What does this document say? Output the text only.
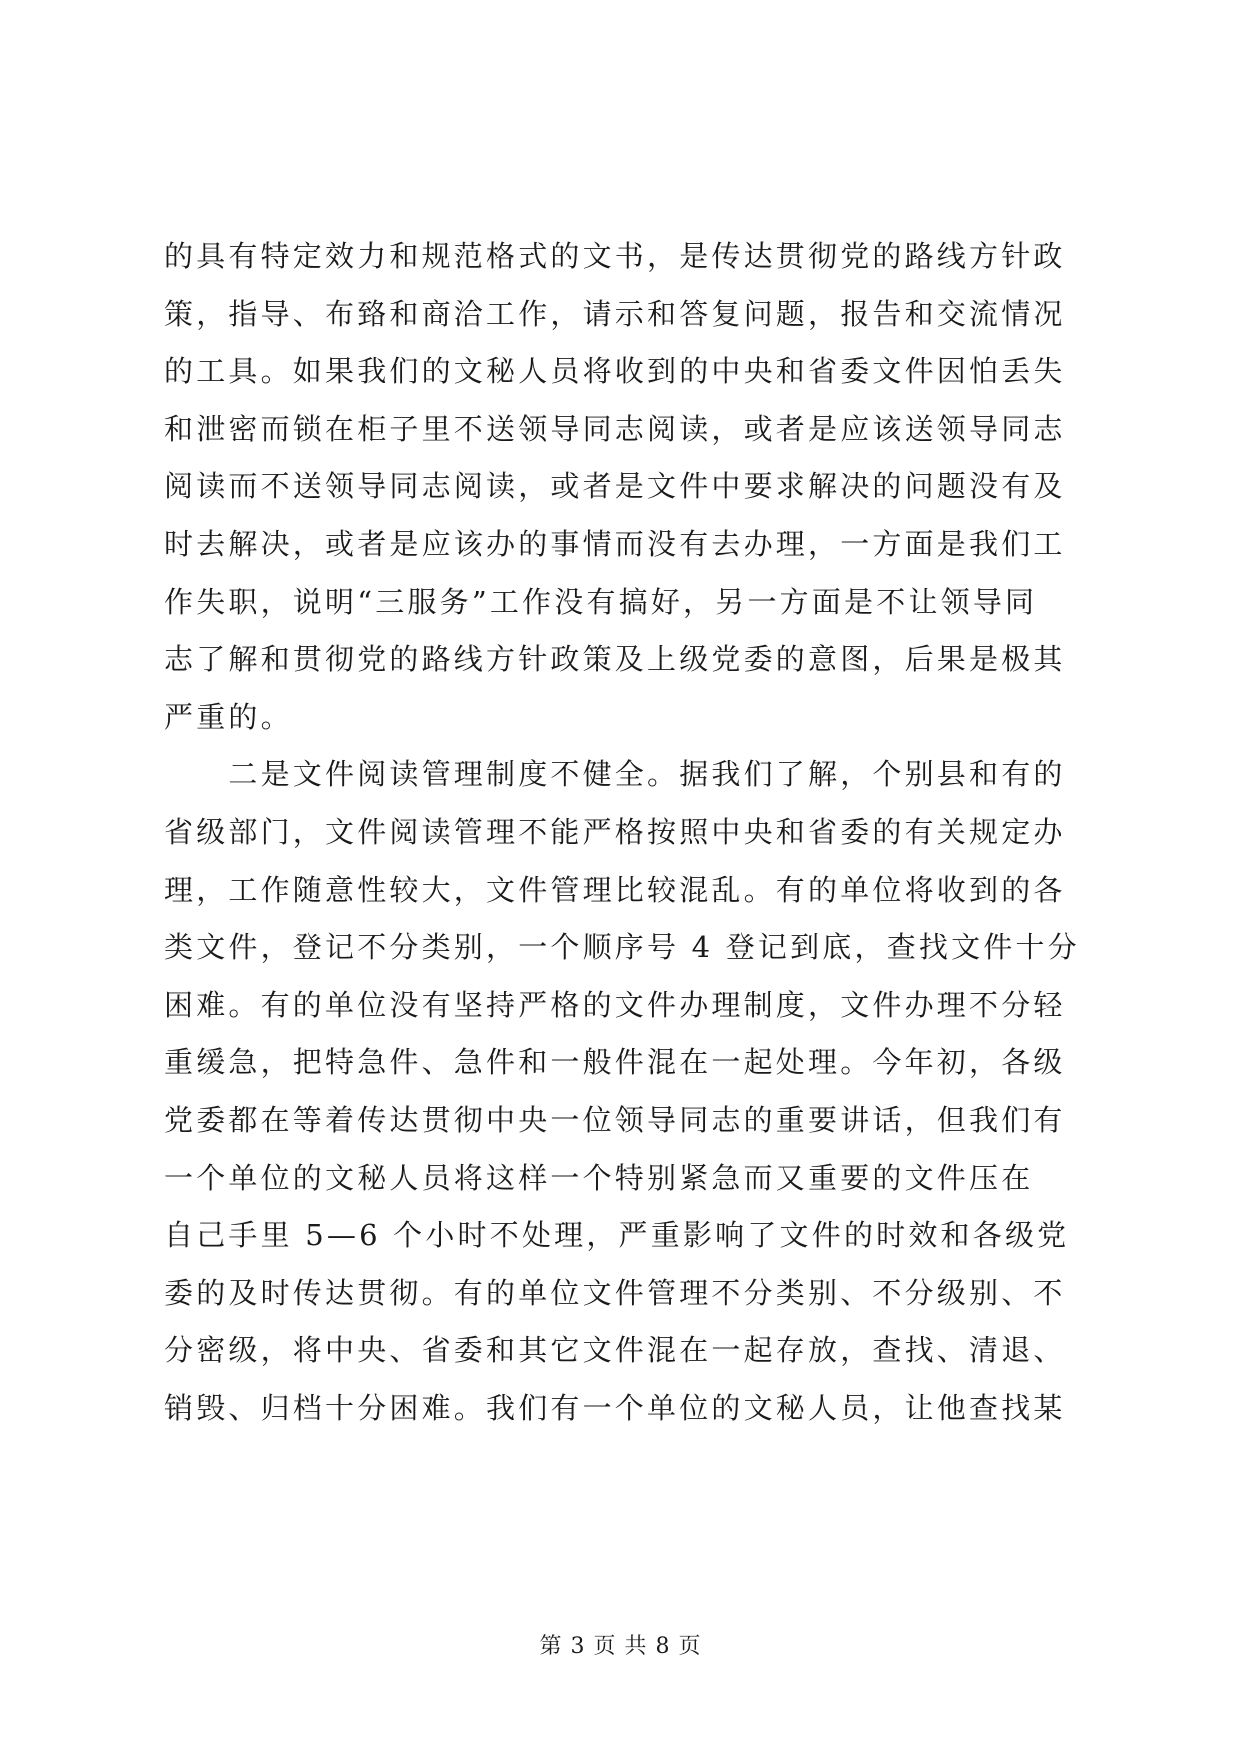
的具有特定效力和规范格式的文书，是传达贯彻党的路线方针政
策，指导、布臵和商洽工作，请示和答复问题，报告和交流情况
的工具。如果我们的文秘人员将收到的中央和省委文件因怕丢失
和泄密而锁在柜子里不送领导同志阅读，或者是应该送领导同志
阅读而不送领导同志阅读，或者是文件中要求解决的问题没有及
时去解决，或者是应该办的事情而没有去办理，一方面是我们工
作失职，说明“三服务”工作没有搞好，另一方面是不让领导同
志了解和贯彻党的路线方针政策及上级党委的意图，后果是极其
严重的。
　　二是文件阅读管理制度不健全。据我们了解，个别县和有的
省级部门，文件阅读管理不能严格按照中央和省委的有关规定办
理，工作随意性较大，文件管理比较混乱。有的单位将收到的各
类文件，登记不分类别，一个顺序号 4 登记到底，查找文件十分
困难。有的单位没有坚持严格的文件办理制度，文件办理不分轻
重缓急，把特急件、急件和一般件混在一起处理。今年初，各级
党委都在等着传达贯彻中央一位领导同志的重要讲话，但我们有
一个单位的文秘人员将这样一个特别紧急而又重要的文件压在
自己手里 5—6 个小时不处理，严重影响了文件的时效和各级党
委的及时传达贯彻。有的单位文件管理不分类别、不分级别、不
分密级，将中央、省委和其它文件混在一起存放，查找、清退、
销毁、归档十分困难。我们有一个单位的文秘人员，让他查找某
第 3 页 共 8 页
